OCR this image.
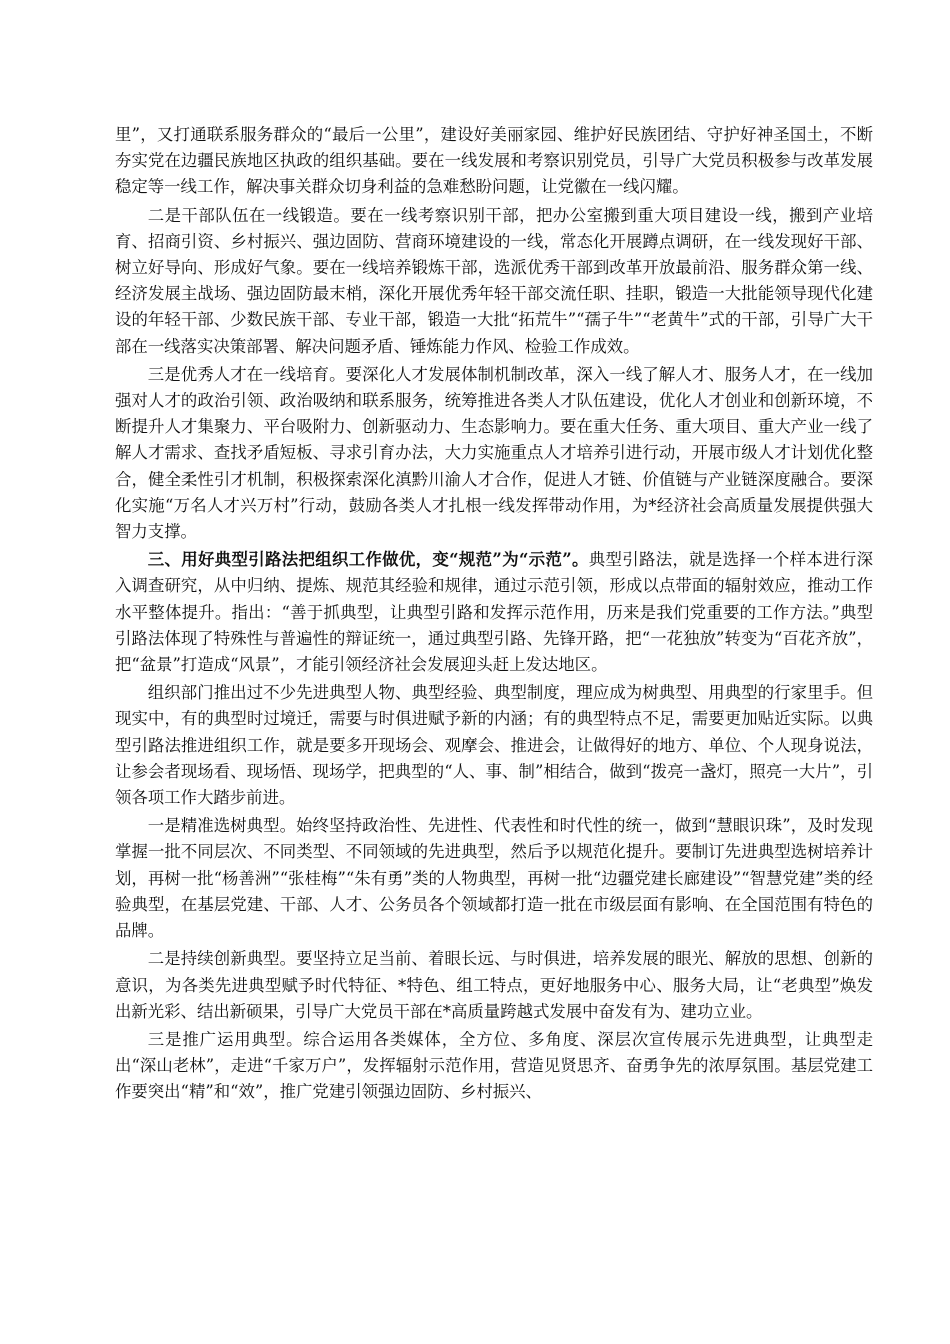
里”，又打通联系服务群众的“最后一公里”，建设好美丽家园、维护好民族团结、守护好神圣国土，不断夯实党在边疆民族地区执政的组织基础。要在一线发展和考察识别党员，引导广大党员积极参与改革发展稳定等一线工作，解决事关群众切身利益的急难愁盼问题，让党徽在一线闪耀。

二是干部队伍在一线锻造。要在一线考察识别干部，把办公室搬到重大项目建设一线，搬到产业培育、招商引资、乡村振兴、强边固防、营商环境建设的一线，常态化开展蹲点调研，在一线发现好干部、树立好导向、形成好气象。要在一线培养锻炼干部，选派优秀干部到改革开放最前沿、服务群众第一线、经济发展主战场、强边固防最末梢，深化开展优秀年轻干部交流任职、挂职，锻造一大批能领导现代化建设的年轻干部、少数民族干部、专业干部，锻造一大批“拓荒牛”“孺子牛”“老黄牛”式的干部，引导广大干部在一线落实决策部署、解决问题矛盾、锤炼能力作风、检验工作成效。

三是优秀人才在一线培育。要深化人才发展体制机制改革，深入一线了解人才、服务人才，在一线加强对人才的政治引领、政治吸纳和联系服务，统筹推进各类人才队伍建设，优化人才创业和创新环境，不断提升人才集聚力、平台吸附力、创新驱动力、生态影响力。要在重大任务、重大项目、重大产业一线了解人才需求、查找矛盾短板、寻求引育办法，大力实施重点人才培养引进行动，开展市级人才计划优化整合，健全柔性引才机制，积极探索深化滇黔川渝人才合作，促进人才链、价值链与产业链深度融合。要深化实施“万名人才兴万村”行动，鼓励各类人才扎根一线发挥带动作用，为*经济社会高质量发展提供强大智力支撑。

三、用好典型引路法把组织工作做优，变“规范”为“示范”。典型引路法，就是选择一个样本进行深入调查研究，从中归纳、提炼、规范其经验和规律，通过示范引领，形成以点带面的辐射效应，推动工作水平整体提升。指出：“善于抓典型，让典型引路和发挥示范作用，历来是我们党重要的工作方法。”典型引路法体现了特殊性与普遍性的辩证统一，通过典型引路、先锋开路，把“一花独放”转变为“百花齐放”，把“盆景”打造成“风景”，才能引领经济社会发展迎头赶上发达地区。

组织部门推出过不少先进典型人物、典型经验、典型制度，理应成为树典型、用典型的行家里手。但现实中，有的典型时过境迁，需要与时俱进赋予新的内涵；有的典型特点不足，需要更加贴近实际。以典型引路法推进组织工作，就是要多开现场会、观摩会、推进会，让做得好的地方、单位、个人现身说法，让参会者现场看、现场悟、现场学，把典型的“人、事、制”相结合，做到“拨亮一盏灯，照亮一大片”，引领各项工作大踏步前进。

一是精准选树典型。始终坚持政治性、先进性、代表性和时代性的统一，做到“慧眼识珠”，及时发现掌握一批不同层次、不同类型、不同领域的先进典型，然后予以规范化提升。要制订先进典型选树培养计划，再树一批“杨善洲”“张桂梅”“朱有勇”类的人物典型，再树一批“边疆党建长廊建设”“智慧党建”类的经验典型，在基层党建、干部、人才、公务员各个领域都打造一批在市级层面有影响、在全国范围有特色的品牌。

二是持续创新典型。要坚持立足当前、着眼长远、与时俱进，培养发展的眼光、解放的思想、创新的意识，为各类先进典型赋予时代特征、*特色、组工特点，更好地服务中心、服务大局，让“老典型”焕发出新光彩、结出新硕果，引导广大党员干部在*高质量跨越式发展中奋发有为、建功立业。

三是推广运用典型。综合运用各类媒体，全方位、多角度、深层次宣传展示先进典型，让典型走出“深山老林”，走进“千家万户”，发挥辐射示范作用，营造见贤思齐、奋勇争先的浓厚氛围。基层党建工作要突出“精”和“效”，推广党建引领强边固防、乡村振兴、
